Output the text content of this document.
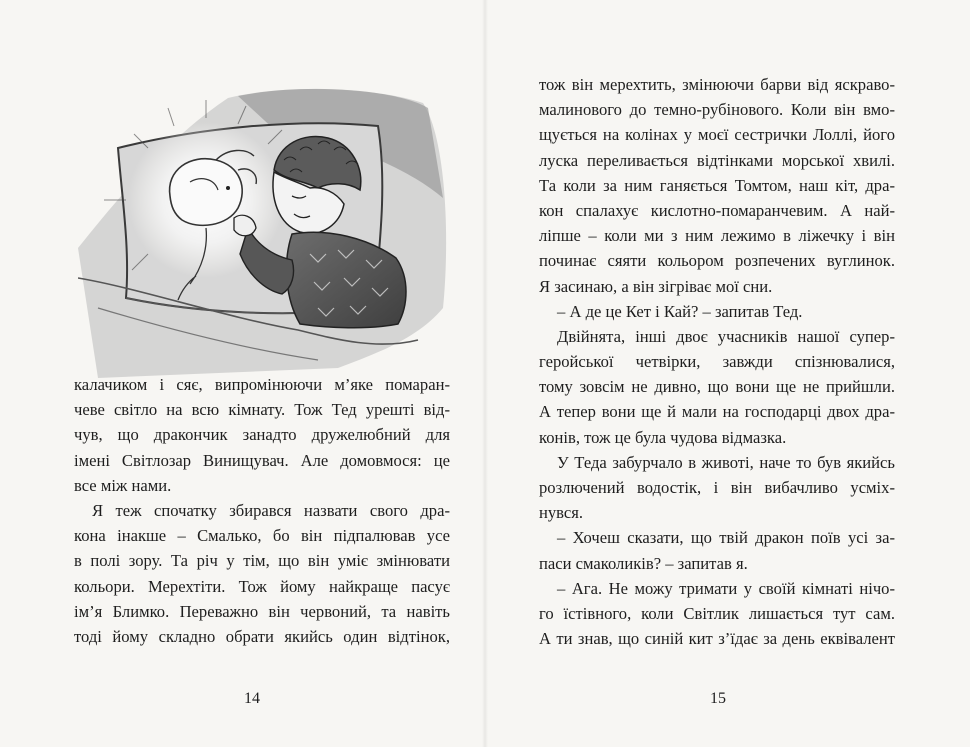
калачиком і сяє, випромінюючи м’яке помаран-
чеве світло на всю кімнату. Тож Тед урешті від-
чув, що дракончик занадто дружелюбний для
імені Світлозар Винищувач. Але домовмося: це
все між нами.
Я теж спочатку збирався назвати свого дра-
кона інакше – Смалько, бо він підпалював усе
в полі зору. Та річ у тім, що він уміє змінювати
кольори. Мерехтіти. Тож йому найкраще пасує
ім’я Блимко. Переважно він червоний, та навіть
тоді йому складно обрати якийсь один відтінок,
14
тож він мерехтить, змінюючи барви від яскраво-
малинового до темно-рубінового. Коли він вмо-
щується на колінах у моєї сестрички Лоллі, його
луска переливається відтінками морської хвилі.
Та коли за ним ганяється Томтом, наш кіт, дра-
кон спалахує кислотно-помаранчевим. А най-
ліпше – коли ми з ним лежимо в ліжечку і він
починає сяяти кольором розпечених вуглинок.
Я засинаю, а він зігріває мої сни.
– А де це Кет і Кай? – запитав Тед.
Двійнята, інші двоє учасників нашої супер-
геройської четвірки, завжди спізнювалися,
тому зовсім не дивно, що вони ще не прийшли.
А тепер вони ще й мали на господарці двох дра-
конів, тож це була чудова відмазка.
У Теда забурчало в животі, наче то був якийсь
розлючений водостік, і він вибачливо усміх-
нувся.
– Хочеш сказати, що твій дракон поїв усі за-
паси смаколиків? – запитав я.
– Ага. Не можу тримати у своїй кімнаті нічо-
го їстівного, коли Світлик лишається тут сам.
А ти знав, що синій кит з’їдає за день еквівалент
15
